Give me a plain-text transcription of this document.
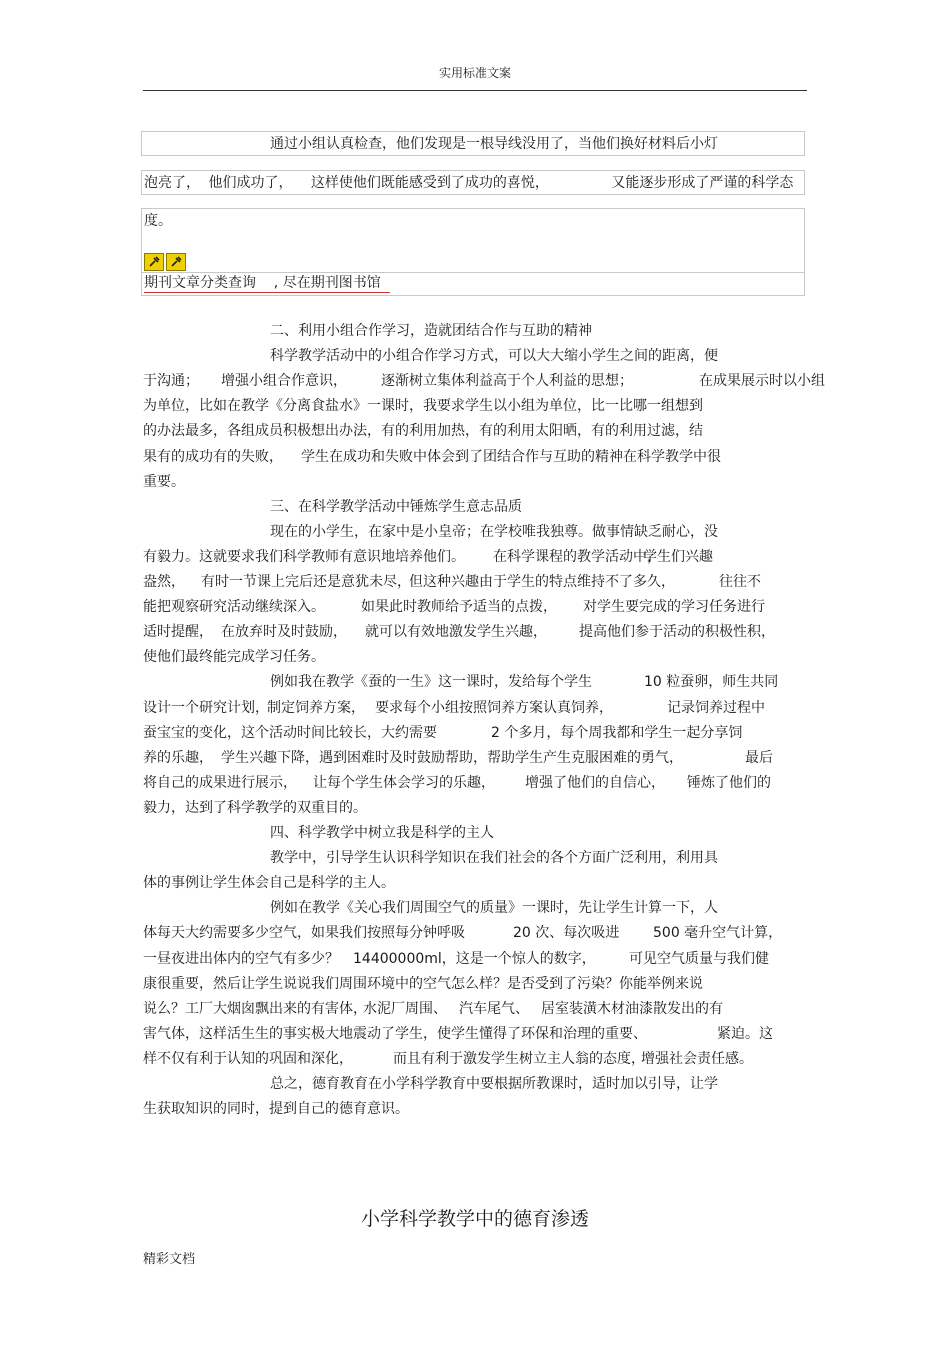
实用标准文案
通过小组认真检查，他们发现是一根导线没用了，当他们换好材料后小灯
泡亮了， 他们成功了， 这样使他们既能感受到了成功的喜悦，	又能逐步形成了严谨的科学态
度。
期刊文章分类查询    , 尽在期刊图书馆
二、利用小组合作学习，造就团结合作与互助的精神
科学教学活动中的小组合作学习方式，可以大大缩小学生之间的距离，便
于沟通； 增强小组合作意识， 逐渐树立集体利益高于个人利益的思想；	在成果展示时以小组
为单位，比如在教学《分离食盐水》一课时，我要求学生以小组为单位，比一比哪一组想到
的办法最多，各组成员积极想出办法，有的利用加热，有的利用太阳晒，有的利用过滤，结
果有的成功有的失败， 学生在成功和失败中体会到了团结合作与互助的精神在科学教学中很
重要。
三、在科学教学活动中锤炼学生意志品质
现在的小学生，在家中是小皇帝；在学校唯我独尊。做事情缺乏耐心，没
有毅力。这就要求我们科学教师有意识地培养他们。 在科学课程的教学活动中，学生们兴趣
盎然， 有时一节课上完后还是意犹未尽，但这种兴趣由于学生的特点维持不了多久，	往往不
能把观察研究活动继续深入。	如果此时教师给予适当的点拨， 对学生要完成的学习任务进行
适时提醒， 在放弃时及时鼓励， 就可以有效地激发学生兴趣， 提高他们参于活动的积极性积，
使他们最终能完成学习任务。
例如我在教学《蚕的一生》这一课时，发给每个学生	10 粒蚕卵，师生共同
设计一个研究计划，制定饲养方案， 要求每个小组按照饲养方案认真饲养，	记录饲养过程中
蚕宝宝的变化，这个活动时间比较长，大约需要	2 个多月，每个周我都和学生一起分享饲
养的乐趣， 学生兴趣下降，遇到困难时及时鼓励帮助，帮助学生产生克服困难的勇气，	最后
将自己的成果进行展示， 让每个学生体会学习的乐趣， 增强了他们的自信心， 锤炼了他们的
毅力，达到了科学教学的双重目的。
四、科学教学中树立我是科学的主人
教学中，引导学生认识科学知识在我们社会的各个方面广泛利用，利用具
体的事例让学生体会自己是科学的主人。
例如在教学《关心我们周围空气的质量》一课时，先让学生计算一下，人
体每天大约需要多少空气，如果我们按照每分钟呼吸	20 次、每次吸进 500 毫升空气计算，
一昼夜进出体内的空气有多少？ 14400000ml，这是一个惊人的数字， 可见空气质量与我们健
康很重要，然后让学生说说我们周围环境中的空气怎么样？是否受到了污染？你能举例来说
说么？工厂大烟囱飘出来的有害体，水泥厂周围、 汽车尾气、 居室装潢木材油漆散发出的有
害气体，这样活生生的事实极大地震动了学生，使学生懂得了环保和治理的重要、	紧迫。这
样不仅有利于认知的巩固和深化，	而且有利于激发学生树立主人翁的态度，增强社会责任感。
总之，德育教育在小学科学教育中要根据所教课时，适时加以引导，让学
生获取知识的同时，提到自己的德育意识。
小学科学教学中的德育渗透
精彩文档
